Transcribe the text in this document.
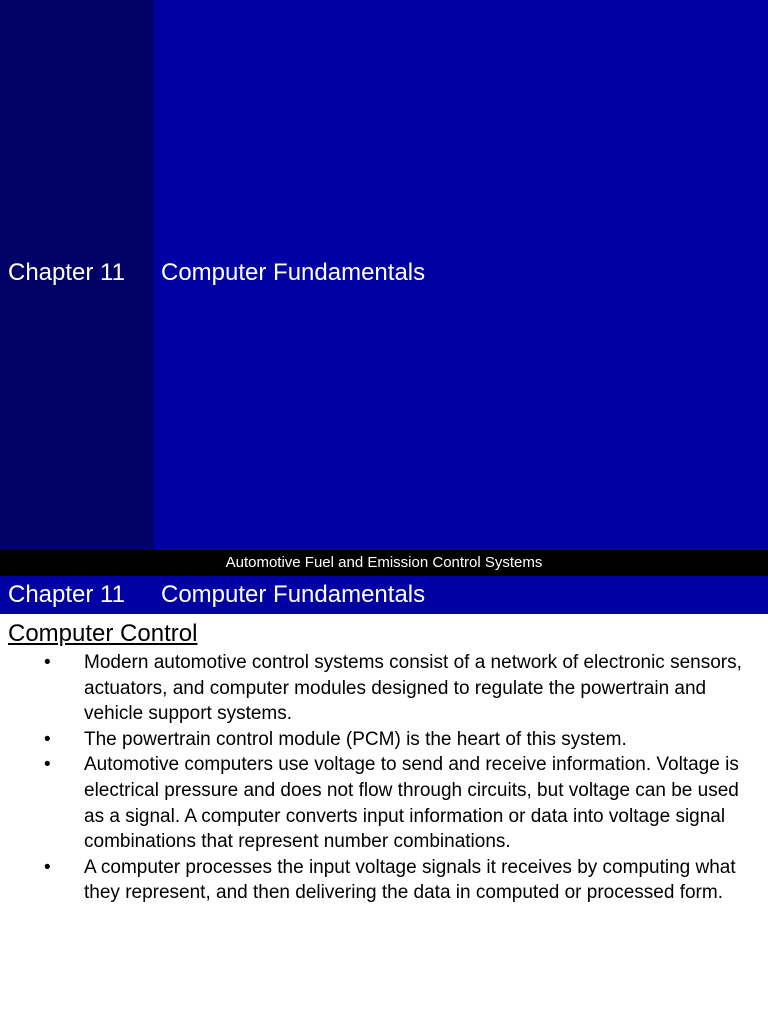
Chapter 11 Computer Fundamentals
Automotive Fuel and Emission Control Systems
Chapter 11 Computer Fundamentals
Computer Control
• Modern automotive control systems consist of a network of electronic sensors, actuators, and computer modules designed to regulate the powertrain and vehicle support systems.
• The powertrain control module (PCM) is the heart of this system.
• Automotive computers use voltage to send and receive information. Voltage is electrical pressure and does not flow through circuits, but voltage can be used as a signal. A computer converts input information or data into voltage signal combinations that represent number combinations.
• A computer processes the input voltage signals it receives by computing what they represent, and then delivering the data in computed or processed form.
